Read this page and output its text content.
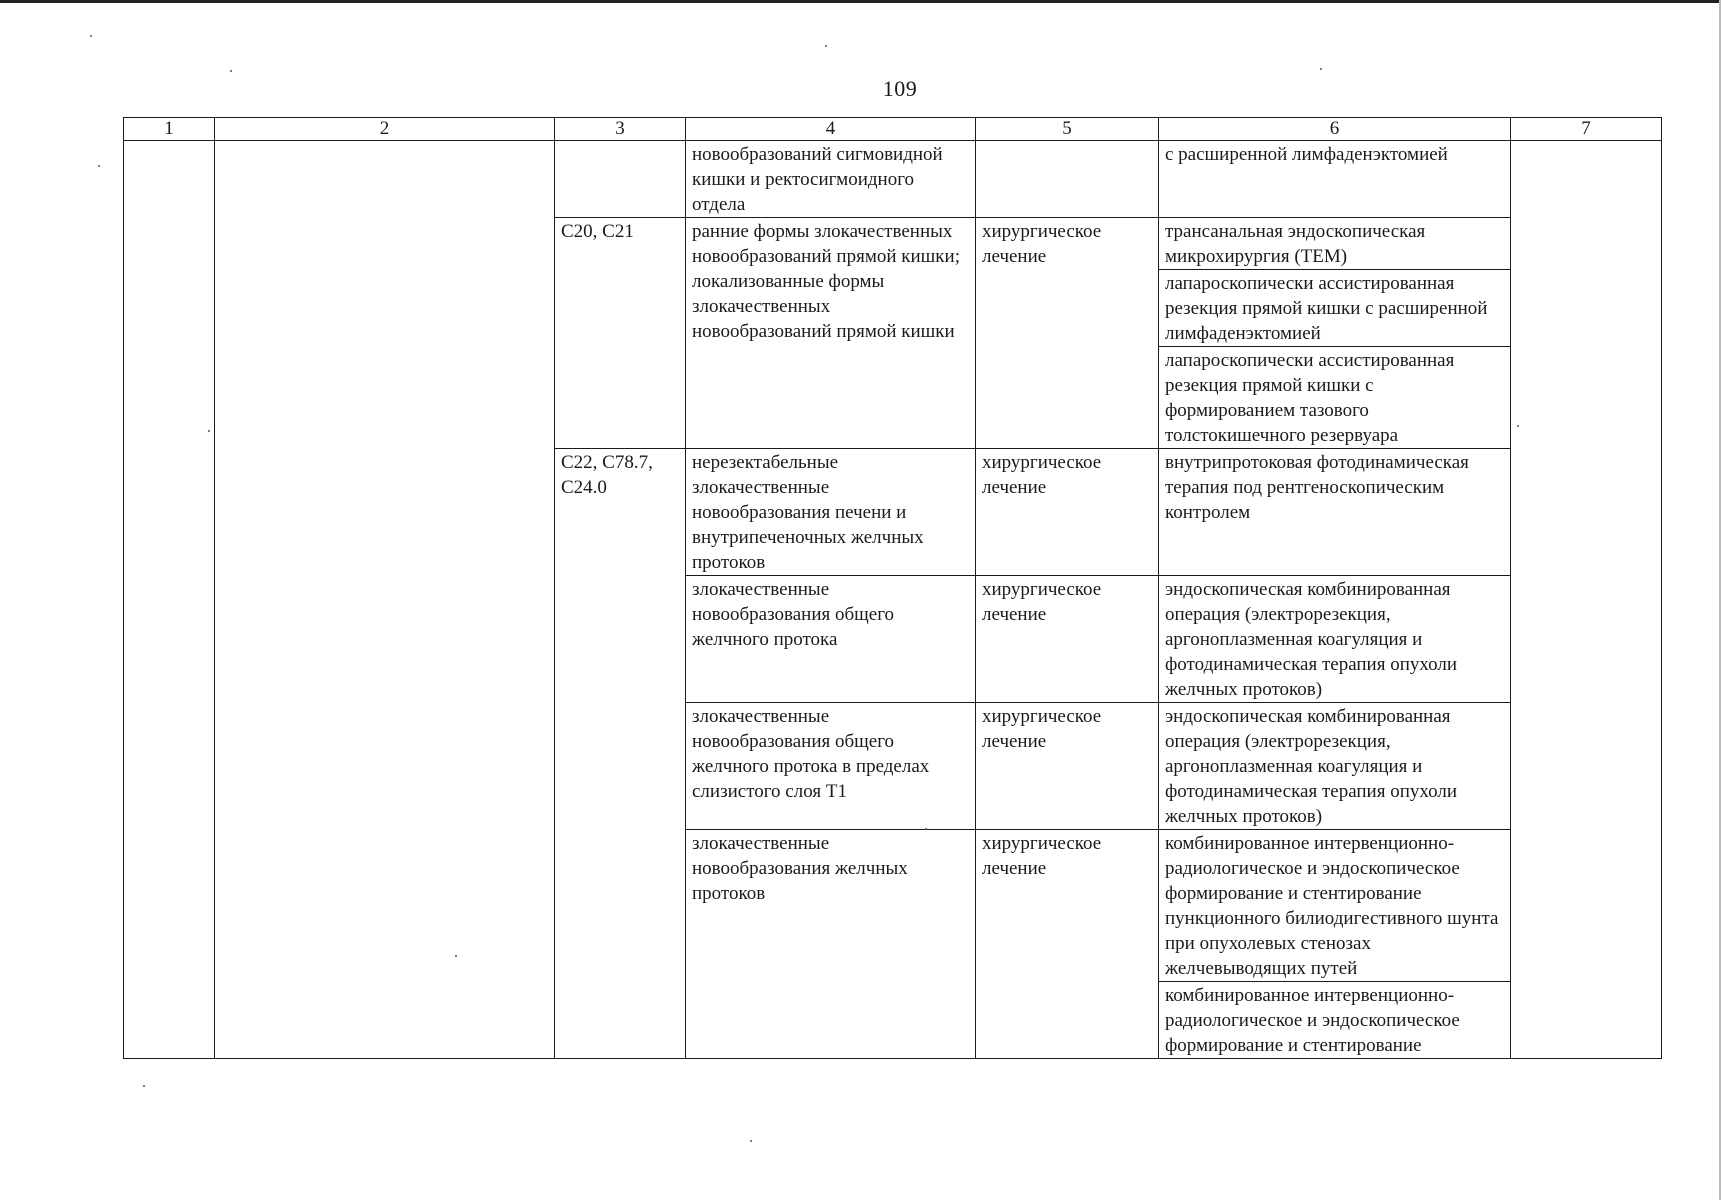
109
1	2	3	4	5	6	7
			новообразований сигмовидной кишки и ректосигмоидного отдела		с расширенной лимфаденэктомией	
		C20, C21	ранние формы злокачественных новообразований прямой кишки; локализованные формы злокачественных новообразований прямой кишки	хирургическое лечение	трансанальная эндоскопическая микрохирургия (ТЕМ)	
					лапароскопически ассистированная резекция прямой кишки с расширенной лимфаденэктомией	
					лапароскопически ассистированная резекция прямой кишки с формированием тазового толстокишечного резервуара	
		C22, C78.7, C24.0	нерезектабельные злокачественные новообразования печени и внутрипеченочных желчных протоков	хирургическое лечение	внутрипротоковая фотодинамическая терапия под рентгеноскопическим контролем	
			злокачественные новообразования общего желчного протока	хирургическое лечение	эндоскопическая комбинированная операция (электрорезекция, аргоноплазменная коагуляция и фотодинамическая терапия опухоли желчных протоков)	
			злокачественные новообразования общего желчного протока в пределах слизистого слоя Т1	хирургическое лечение	эндоскопическая комбинированная операция (электрорезекция, аргоноплазменная коагуляция и фотодинамическая терапия опухоли желчных протоков)	
			злокачественные новообразования желчных протоков	хирургическое лечение	комбинированное интервенционно-радиологическое и эндоскопическое формирование и стентирование пункционного билиодигестивного шунта при опухолевых стенозах желчевыводящих путей	
					комбинированное интервенционно-радиологическое и эндоскопическое формирование и стентирование	
